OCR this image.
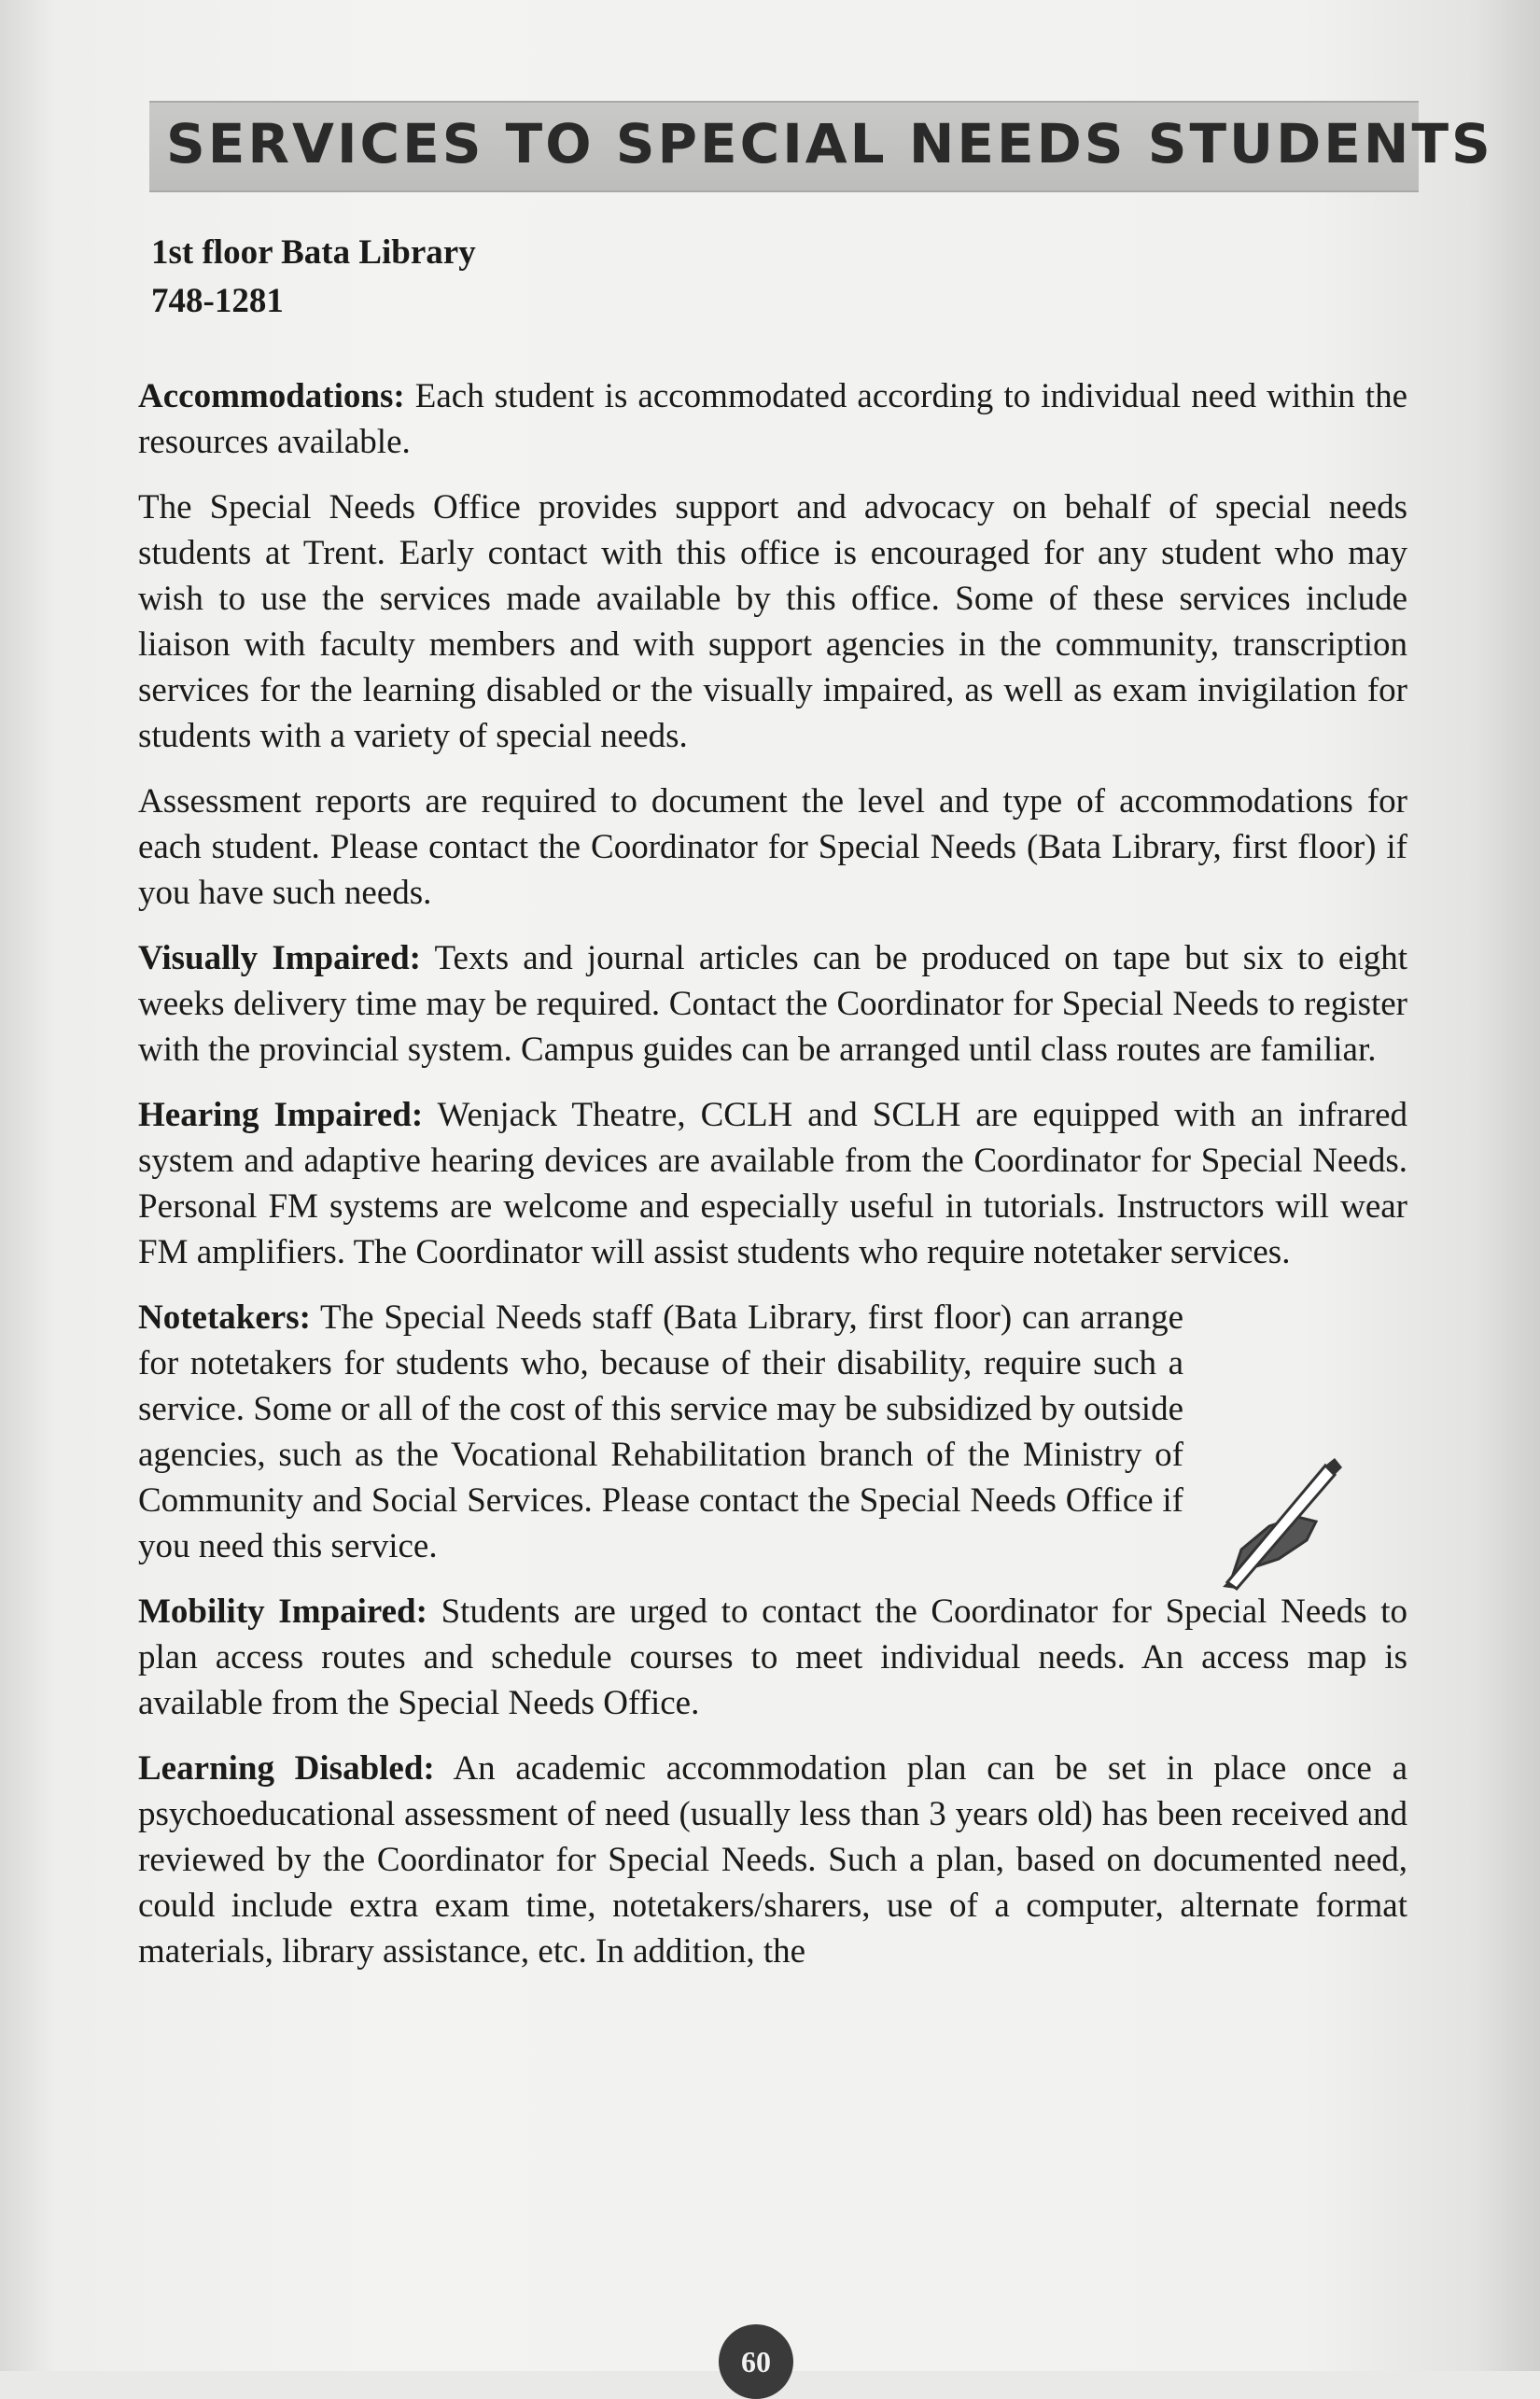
SERVICES TO SPECIAL NEEDS STUDENTS
1st floor Bata Library
748-1281

Accommodations: Each student is accommodated according to individual need within the resources available.

The Special Needs Office provides support and advocacy on behalf of special needs students at Trent. Early contact with this office is encouraged for any student who may wish to use the services made available by this office. Some of these services include liaison with faculty members and with support agencies in the community, transcription services for the learning disabled or the visually impaired, as well as exam invigilation for students with a variety of special needs.

Assessment reports are required to document the level and type of accommodations for each student. Please contact the Coordinator for Special Needs (Bata Library, first floor) if you have such needs.

Visually Impaired: Texts and journal articles can be produced on tape but six to eight weeks delivery time may be required. Contact the Coordinator for Special Needs to register with the provincial system. Campus guides can be arranged until class routes are familiar.

Hearing Impaired: Wenjack Theatre, CCLH and SCLH are equipped with an infrared system and adaptive hearing devices are available from the Coordinator for Special Needs. Personal FM systems are welcome and especially useful in tutorials. Instructors will wear FM amplifiers. The Coordinator will assist students who require notetaker services.

Notetakers: The Special Needs staff (Bata Library, first floor) can arrange for notetakers for students who, because of their disability, require such a service. Some or all of the cost of this service may be subsidized by outside agencies, such as the Vocational Rehabilitation branch of the Ministry of Community and Social Services. Please contact the Special Needs Office if you need this service.

Mobility Impaired: Students are urged to contact the Coordinator for Special Needs to plan access routes and schedule courses to meet individual needs. An access map is available from the Special Needs Office.

Learning Disabled: An academic accommodation plan can be set in place once a psychoeducational assessment of need (usually less than 3 years old) has been received and reviewed by the Coordinator for Special Needs. Such a plan, based on documented need, could include extra exam time, notetakers/sharers, use of a computer, alternate format materials, library assistance, etc. In addition, the

60
